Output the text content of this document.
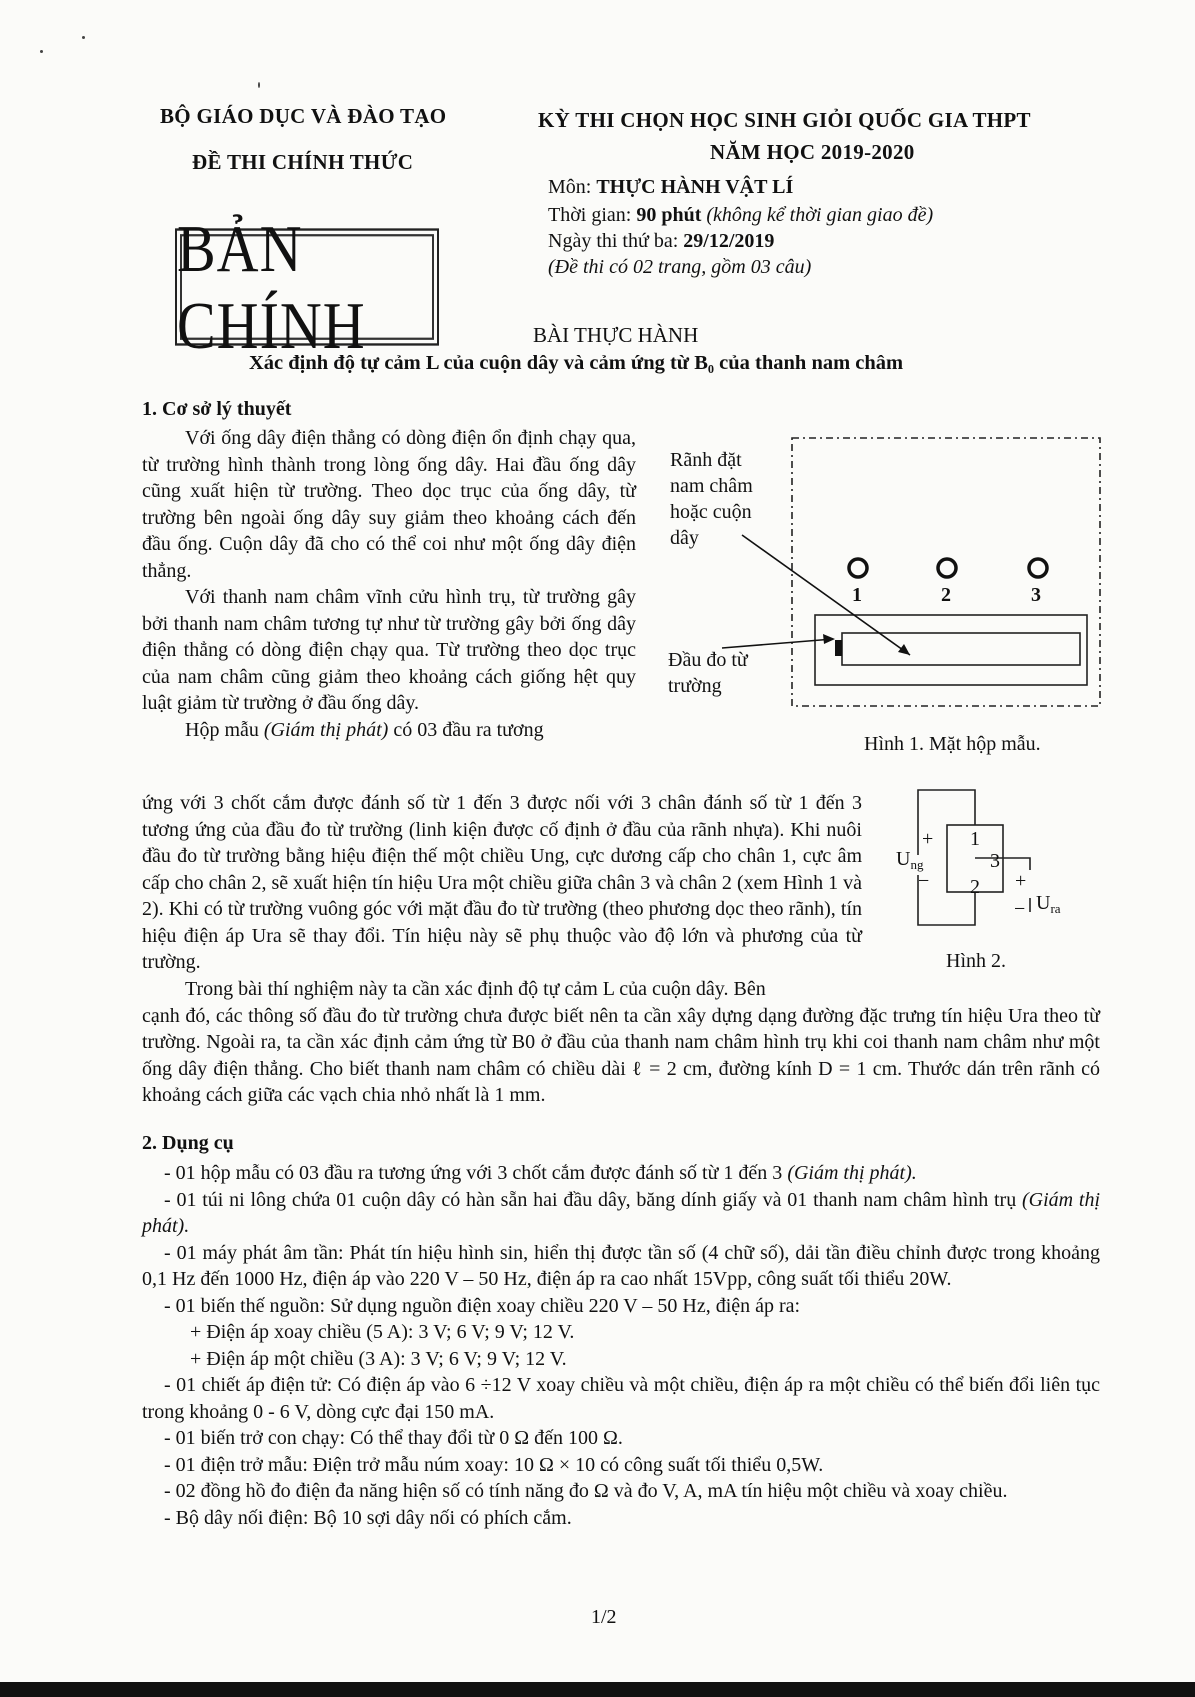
BỘ GIÁO DỤC VÀ ĐÀO TẠO
ĐỀ THI CHÍNH THỨC
BẢN CHÍNH
KỲ THI CHỌN HỌC SINH GIỎI QUỐC GIA THPT
NĂM HỌC 2019-2020
Môn: THỰC HÀNH VẬT LÍ
Thời gian: 90 phút (không kể thời gian giao đề)
Ngày thi thứ ba: 29/12/2019
(Đề thi có 02 trang, gồm 03 câu)
BÀI THỰC HÀNH
Xác định độ tự cảm L của cuộn dây và cảm ứng từ B₀ của thanh nam châm
1. Cơ sở lý thuyết

Với ống dây điện thẳng có dòng điện ổn định chạy qua, từ trường hình thành trong lòng ống dây. Hai đầu ống dây cũng xuất hiện từ trường. Theo dọc trục của ống dây, từ trường bên ngoài ống dây suy giảm theo khoảng cách đến đầu ống. Cuộn dây đã cho có thể coi như một ống dây điện thẳng.

Với thanh nam châm vĩnh cửu hình trụ, từ trường gây bởi thanh nam châm tương tự như từ trường gây bởi ống dây điện thẳng có dòng điện chạy qua. Từ trường theo dọc trục của nam châm cũng giảm theo khoảng cách giống hệt quy luật giảm từ trường ở đầu ống dây.

Hộp mẫu (Giám thị phát) có 03 đầu ra tương

ứng với 3 chốt cắm được đánh số từ 1 đến 3 được nối với 3 chân đánh số từ 1 đến 3 tương ứng của đầu đo từ trường (linh kiện được cố định ở đầu của rãnh nhựa). Khi nuôi đầu đo từ trường bằng hiệu điện thế một chiều Ung, cực dương cấp cho chân 1, cực âm cấp cho chân 2, sẽ xuất hiện tín hiệu Ura một chiều giữa chân 3 và chân 2 (xem Hình 1 và 2). Khi có từ trường vuông góc với mặt đầu đo từ trường (theo phương dọc theo rãnh), tín hiệu điện áp Ura sẽ thay đổi. Tín hiệu này sẽ phụ thuộc vào độ lớn và phương của từ trường.

Trong bài thí nghiệm này ta cần xác định độ tự cảm L của cuộn dây. Bên

cạnh đó, các thông số đầu đo từ trường chưa được biết nên ta cần xây dựng dạng đường đặc trưng tín hiệu Ura theo từ trường. Ngoài ra, ta cần xác định cảm ứng từ B0 ở đầu của thanh nam châm hình trụ khi coi thanh nam châm như một ống dây điện thẳng. Cho biết thanh nam châm có chiều dài ℓ = 2 cm, đường kính D = 1 cm. Thước dán trên rãnh có khoảng cách giữa các vạch chia nhỏ nhất là 1 mm.

Rãnh đặt
nam châm
hoặc cuộn
dây
Đầu đo từ
trường
1	2	3
Hình 1. Mặt hộp mẫu.
1
3
2
+
$U_{ng}$
−	+
− $U_{ra}$
Hình 2.
2. Dụng cụ
- 01 hộp mẫu có 03 đầu ra tương ứng với 3 chốt cắm được đánh số từ 1 đến 3 (Giám thị phát).
- 01 túi ni lông chứa 01 cuộn dây có hàn sẵn hai đầu dây, băng dính giấy và 01 thanh nam châm hình trụ (Giám thị phát).
- 01 máy phát âm tần: Phát tín hiệu hình sin, hiển thị được tần số (4 chữ số), dải tần điều chỉnh được trong khoảng 0,1 Hz đến 1000 Hz, điện áp vào 220 V – 50 Hz, điện áp ra cao nhất 15Vpp, công suất tối thiểu 20W.
- 01 biến thế nguồn: Sử dụng nguồn điện xoay chiều 220 V – 50 Hz, điện áp ra:
+ Điện áp xoay chiều (5 A): 3 V; 6 V; 9 V; 12 V.
+ Điện áp một chiều (3 A): 3 V; 6 V; 9 V; 12 V.
- 01 chiết áp điện tử: Có điện áp vào 6 ÷12 V xoay chiều và một chiều, điện áp ra một chiều có thể biến đổi liên tục trong khoảng 0 - 6 V, dòng cực đại 150 mA.
- 01 biến trở con chạy: Có thể thay đổi từ 0 Ω đến 100 Ω.
- 01 điện trở mẫu: Điện trở mẫu núm xoay: 10 Ω × 10 có công suất tối thiểu 0,5W.
- 02 đồng hồ đo điện đa năng hiện số có tính năng đo Ω và đo V, A, mA tín hiệu một chiều và xoay chiều.
- Bộ dây nối điện: Bộ 10 sợi dây nối có phích cắm.
1/2
